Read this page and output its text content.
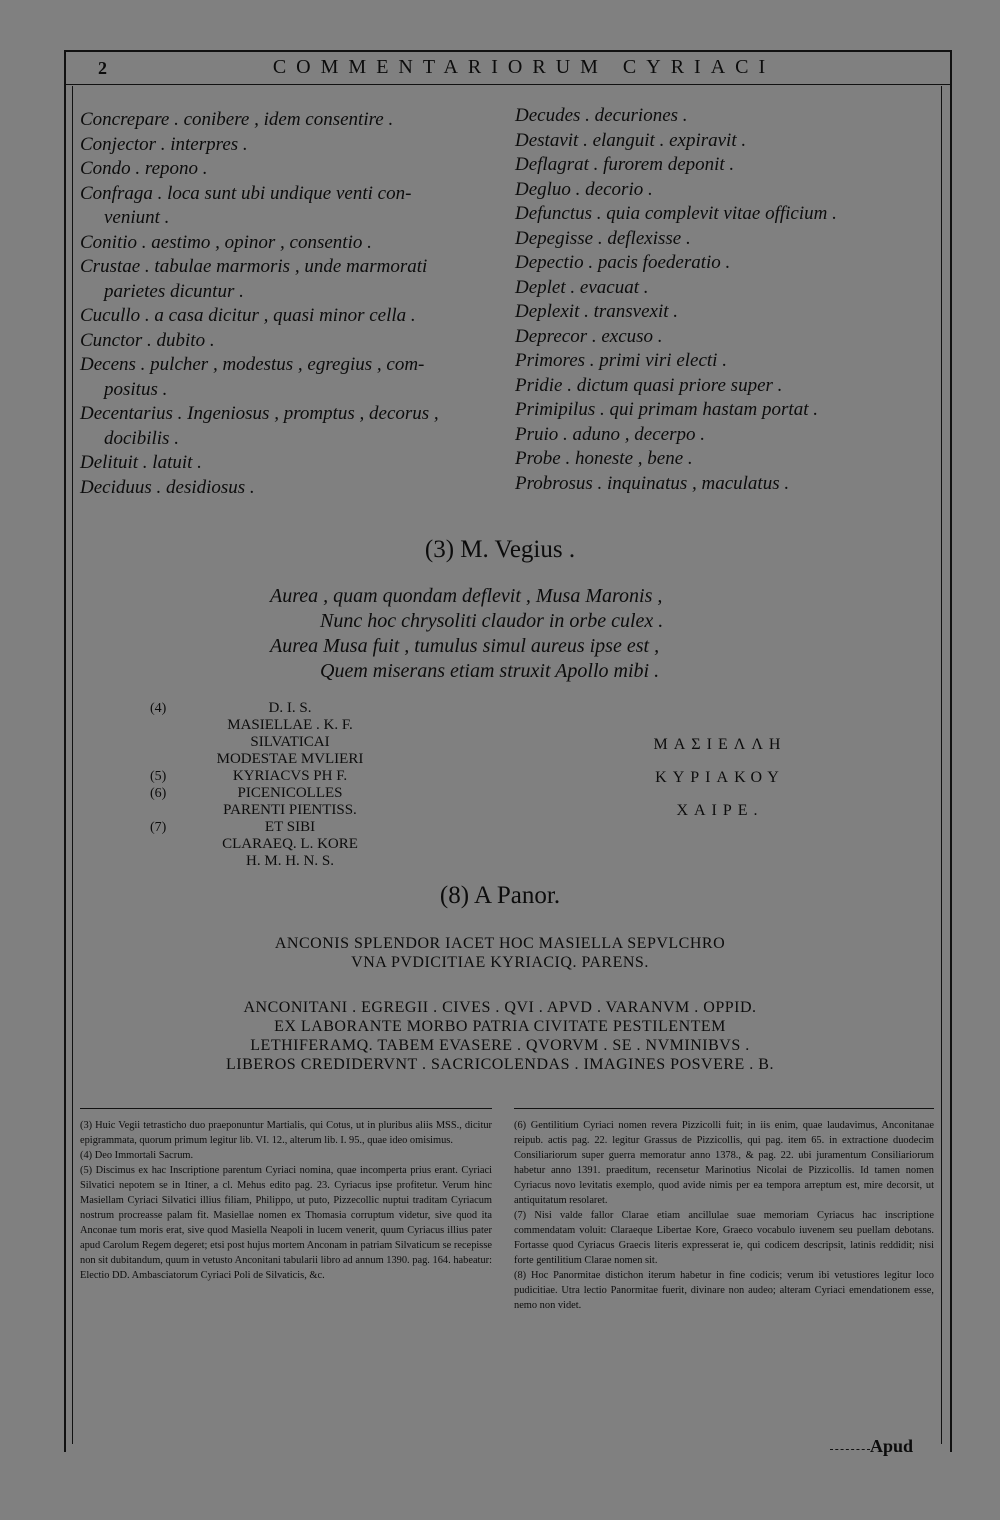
2	COMMENTARIORUM CYRIACI

Concrepare . conibere , idem consentire .

Conjector . interpres .

Condo . repono .

Confraga . loca sunt ubi undique venti con-

veniunt .

Conitio . aestimo , opinor , consentio .

Crustae . tabulae marmoris , unde marmorati

parietes dicuntur .

Cucullo . a casa dicitur , quasi minor cella .

Cunctor . dubito .

Decens . pulcher , modestus , egregius , com-

positus .

Decentarius . Ingeniosus , promptus , decorus ,

docibilis .

Delituit . latuit .

Deciduus . desidiosus .

Decudes . decuriones .

Destavit . elanguit . expiravit .

Deflagrat . furorem deponit .

Degluo . decorio .

Defunctus . quia complevit vitae officium .

Depegisse . deflexisse .

Depectio . pacis foederatio .

Deplet . evacuat .

Deplexit . transvexit .

Deprecor . excuso .

Primores . primi viri electi .

Pridie . dictum quasi priore super .

Primipilus . qui primam hastam portat .

Pruio . aduno , decerpo .

Probe . honeste , bene .

Probrosus . inquinatus , maculatus .

(3) M. Vegius .

Aurea , quam quondam deflevit , Musa Maronis ,

Nunc hoc chrysoliti claudor in orbe culex .

Aurea Musa fuit , tumulus simul aureus ipse est ,

Quem miserans etiam struxit Apollo mibi .

(4)	D. I. S.
MASIELLAE . K. F.
SILVATICAI
MODESTAE MVLIERI
(5)	KYRIACVS PH F.
(6)	PICENICOLLES
PARENTI PIENTISS.
(7)	ET SIBI
CLARAEQ. L. KORE
H. M. H. N. S.
ΜΑΣΙΕΛΛΗ
ΚΥΡΙΑΚΟΥ
ΧΑΙΡΕ.
(8) A Panor.
ANCONIS SPLENDOR IACET HOC MASIELLA SEPVLCHRO
VNA PVDICITIAE KYRIACIQ. PARENS.
ANCONITANI . EGREGII . CIVES . QVI . APVD . VARANVM . OPPID.
EX LABORANTE MORBO PATRIA CIVITATE PESTILENTEM
LETHIFERAMQ. TABEM EVASERE . QVORVM . SE . NVMINIBVS .
LIBEROS CREDIDERVNT . SACRICOLENDAS . IMAGINES POSVERE . B.

(3) Huic Vegii tetrasticho duo praeponuntur Martialis, qui Cotus, ut in pluribus aliis MSS., dicitur epigrammata, quorum primum legitur lib. VI. 12., alterum lib. I. 95., quae ideo omisimus.

(4) Deo Immortali Sacrum.

(5) Discimus ex hac Inscriptione parentum Cyriaci nomina, quae incomperta prius erant. Cyriaci Silvatici nepotem se in Itiner, a cl. Mehus edito pag. 23. Cyriacus ipse profitetur. Verum hinc Masiellam Cyriaci Silvatici illius filiam, Philippo, ut puto, Pizzecollic nuptui traditam Cyriacum nostrum procreasse palam fit. Masiellae nomen ex Thomasia corruptum videtur, sive quod ita Anconae tum moris erat, sive quod Masiella Neapoli in lucem venerit, quum Cyriacus illius pater apud Carolum Regem degeret; etsi post hujus mortem Anconam in patriam Silvaticum se recepisse non sit dubitandum, quum in vetusto Anconitani tabularii libro ad annum 1390. pag. 164. habeatur: Electio DD. Ambasciatorum Cyriaci Poli de Silvaticis, &c.

(6) Gentilitium Cyriaci nomen revera Pizzicolli fuit; in iis enim, quae laudavimus, Anconitanae reipub. actis pag. 22. legitur Grassus de Pizzicollis, qui pag. item 65. in extractione duodecim Consiliariorum super guerra memoratur anno 1378., & pag. 22. ubi juramentum Consiliariorum habetur anno 1391. praeditum, recensetur Marinotius Nicolai de Pizzicollis. Id tamen nomen Cyriacus novo levitatis exemplo, quod avide nimis per ea tempora arreptum est, mire decorsit, ut antiquitatum resolaret.

(7) Nisi valde fallor Clarae etiam ancillulae suae memoriam Cyriacus hac inscriptione commendatam voluit: Claraeque Libertae Kore, Graeco vocabulo iuvenem seu puellam debotans. Fortasse quod Cyriacus Graecis literis expresserat ie, qui codicem descripsit, latinis reddidit; nisi forte gentilitium Clarae nomen sit.

(8) Hoc Panormitae distichon iterum habetur in fine codicis; verum ibi vetustiores legitur loco pudicitiae. Utra lectio Panormitae fuerit, divinare non audeo; alteram Cyriaci emendationem esse, nemo non videt.

Apud
